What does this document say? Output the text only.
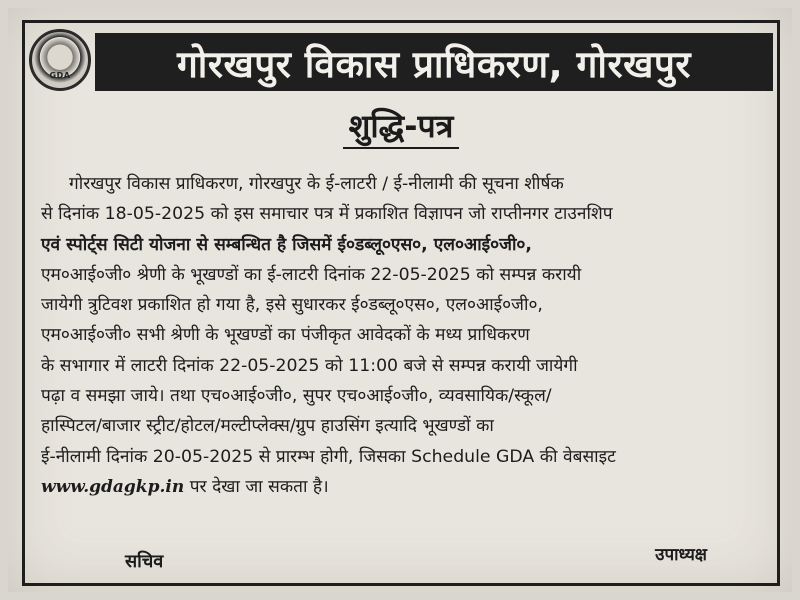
GDA	गोरखपुर विकास प्राधिकरण, गोरखपुर
शुद्धि-पत्र
गोरखपुर विकास प्राधिकरण, गोरखपुर के ई-लाटरी / ई-नीलामी की सूचना शीर्षक
से दिनांक 18-05-2025 को इस समाचार पत्र में प्रकाशित विज्ञापन जो राप्तीनगर टाउनशिप
एवं स्पोर्ट्स सिटी योजना से सम्बन्धित है जिसमें ई०डब्लू०एस०, एल०आई०जी०,
एम०आई०जी० श्रेणी के भूखण्डों का ई-लाटरी दिनांक 22-05-2025 को सम्पन्न करायी
जायेगी त्रुटिवश प्रकाशित हो गया है, इसे सुधारकर ई०डब्लू०एस०, एल०आई०जी०,
एम०आई०जी० सभी श्रेणी के भूखण्डों का पंजीकृत आवेदकों के मध्य प्राधिकरण
के सभागार में लाटरी दिनांक 22-05-2025 को 11:00 बजे से सम्पन्न करायी जायेगी
पढ़ा व समझा जाये। तथा एच०आई०जी०, सुपर एच०आई०जी०, व्यवसायिक/स्कूल/
हास्पिटल/बाजार स्ट्रीट/होटल/मल्टीप्लेक्स/ग्रुप हाउसिंग इत्यादि भूखण्डों का
ई-नीलामी दिनांक 20-05-2025 से प्रारम्भ होगी, जिसका Schedule GDA की वेबसाइट
www.gdagkp.in पर देखा जा सकता है।
सचिव	उपाध्यक्ष
